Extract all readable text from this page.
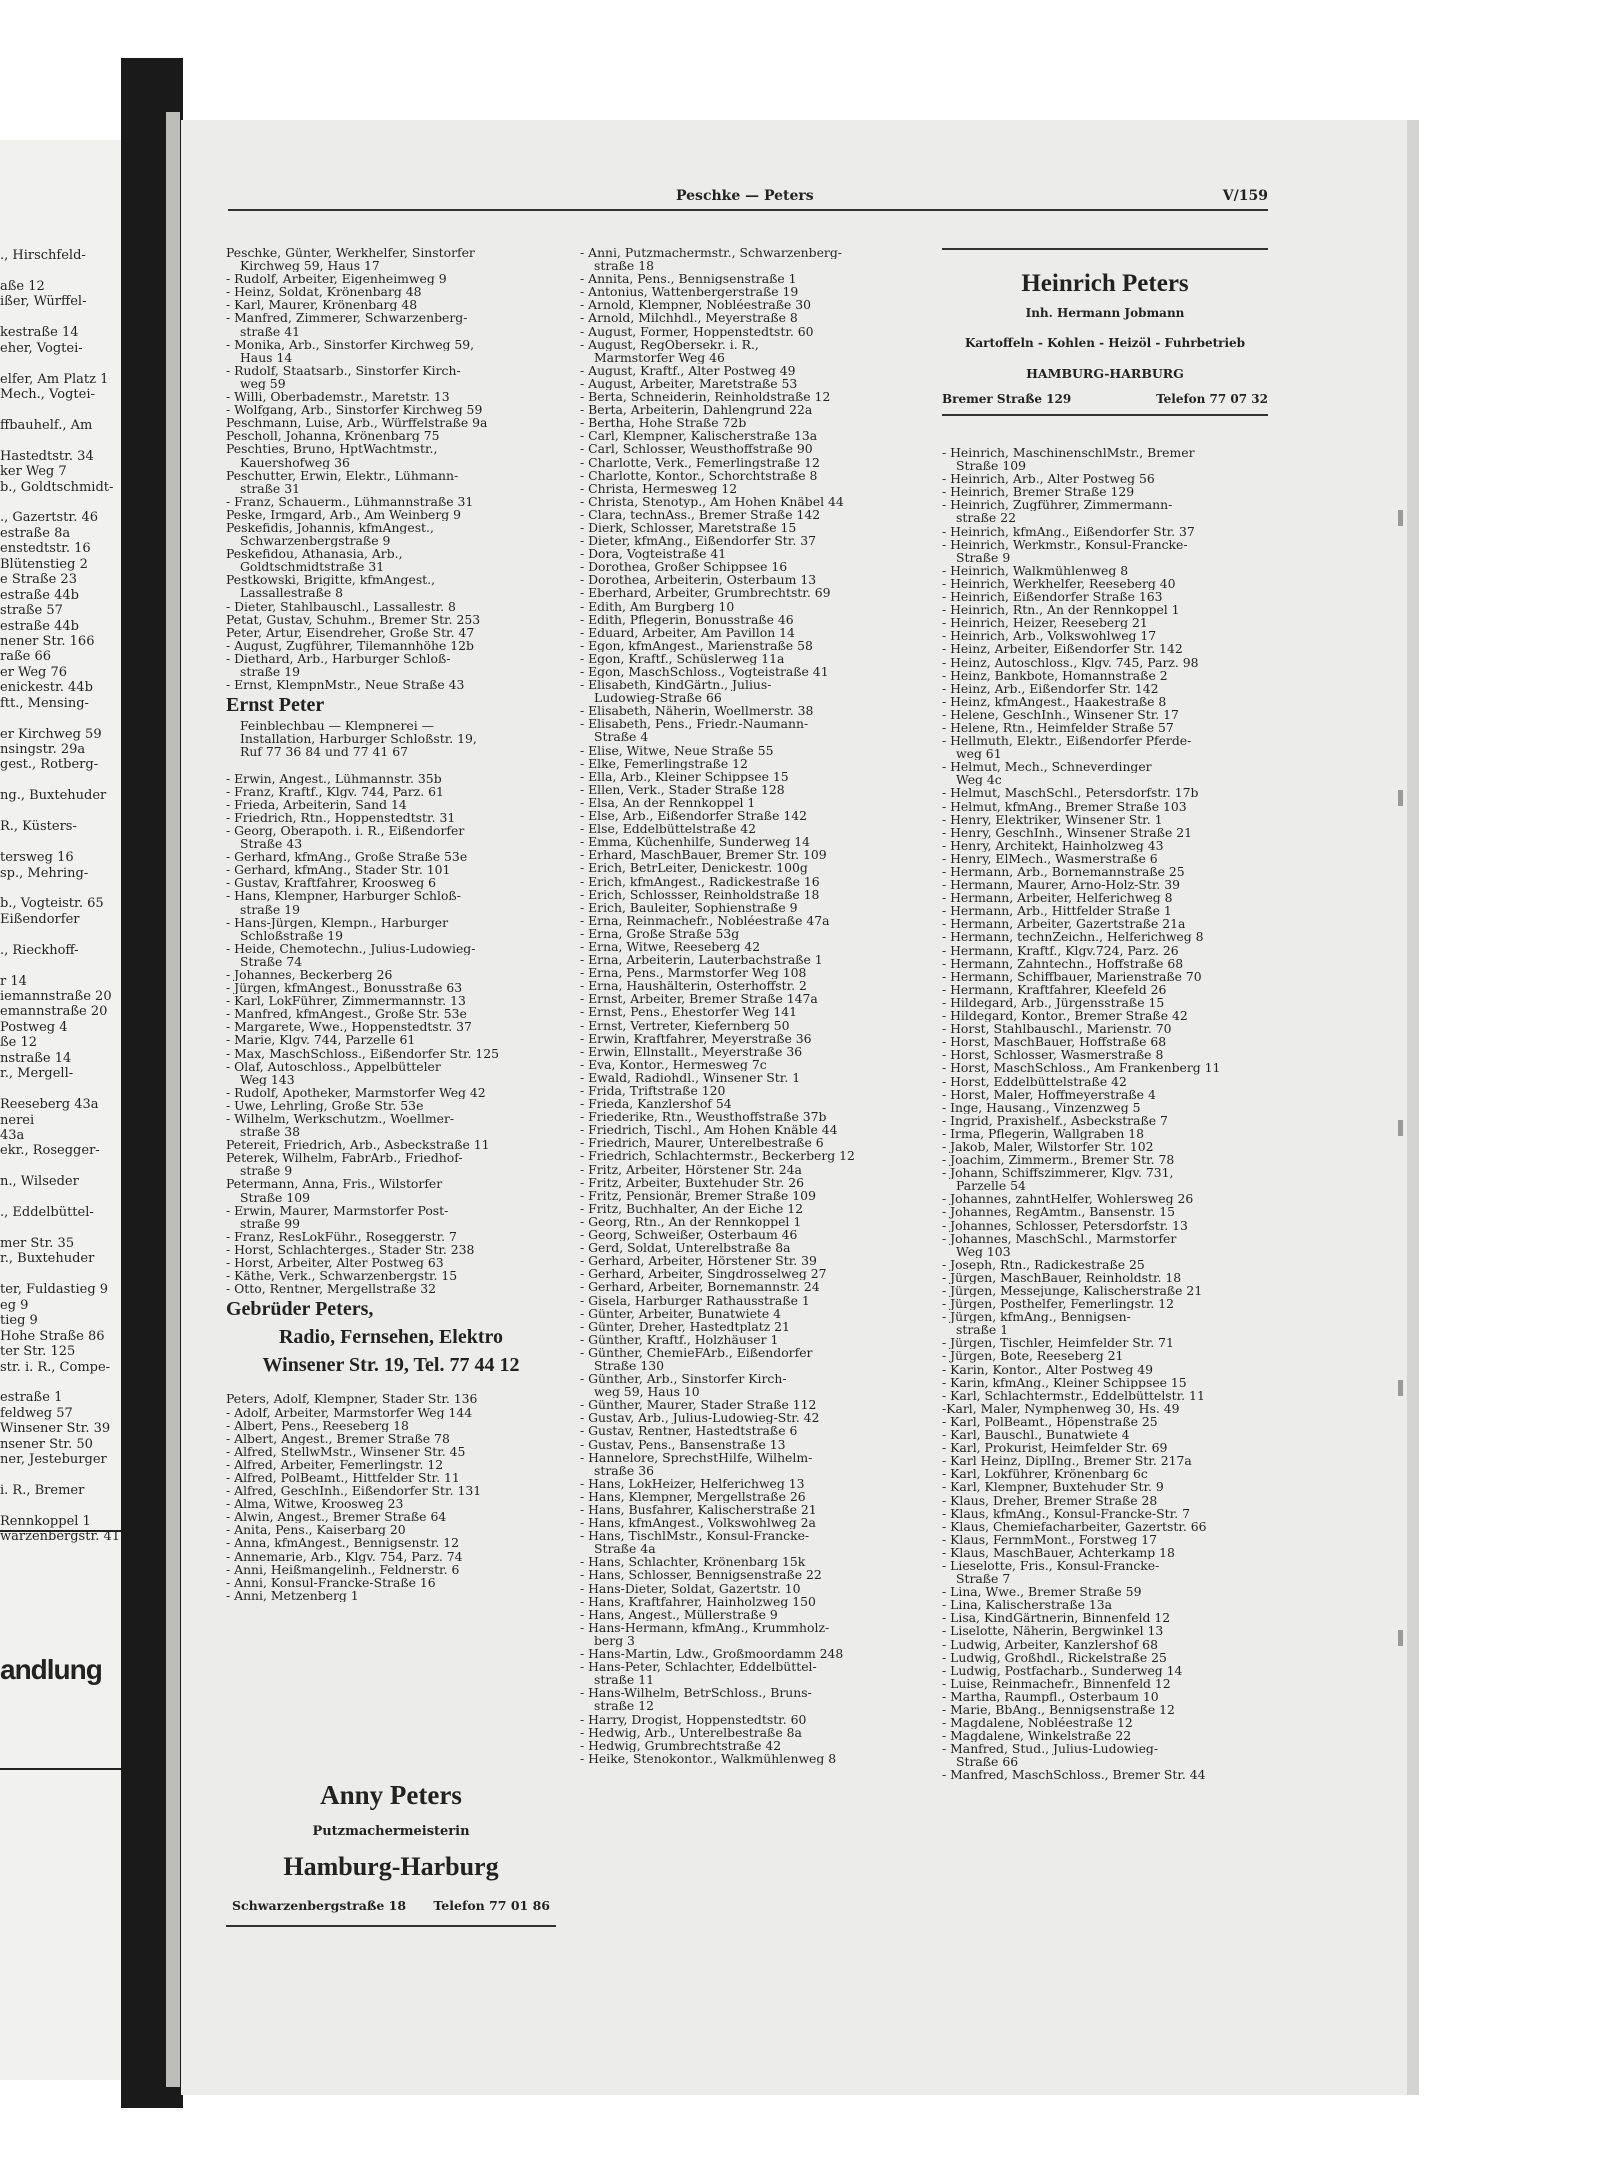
., Hirschfeld-
aße 12
ißer, Würffel-
kestraße 14
eher, Vogtei-
elfer, Am Platz 1
Mech., Vogtei-
ffbauhelf., Am
Hastedtstr. 34
ker Weg 7
b., Goldtschmidt-
., Gazertstr. 46
estraße 8a
enstedtstr. 16
Blütenstieg 2
e Straße 23
estraße 44b
straße 57
estraße 44b
nener Str. 166
raße 66
er Weg 76
enickestr. 44b
ftt., Mensing-
er Kirchweg 59
nsingstr. 29a
gest., Rotberg-
ng., Buxtehuder
R., Küsters-
tersweg 16
sp., Mehring-
b., Vogteistr. 65
Eißendorfer
., Rieckhoff-
r 14
iemannstraße 20
emannstraße 20
Postweg 4
ße 12
nstraße 14
r., Mergell-
Reeseberg 43a
nerei
43a
ekr., Rosegger-
n., Wilseder
., Eddelbüttel-
mer Str. 35
r., Buxtehuder
ter, Fuldastieg 9
eg 9
tieg 9
Hohe Straße 86
ter Str. 125
str. i. R., Compe-
estraße 1
feldweg 57
Winsener Str. 39
nsener Str. 50
ner, Jesteburger
i. R., Bremer
Rennkoppel 1
warzenbergstr. 41
andlung
Peschke — Peters	V/159
Peschke, Günter, Werkhelfer, Sinstorfer
Kirchweg 59, Haus 17
- Rudolf, Arbeiter, Eigenheimweg 9
- Heinz, Soldat, Krönenbarg 48
- Karl, Maurer, Krönenbarg 48
- Manfred, Zimmerer, Schwarzenberg-
straße 41
- Monika, Arb., Sinstorfer Kirchweg 59,
Haus 14
- Rudolf, Staatsarb., Sinstorfer Kirch-
weg 59
- Willi, Oberbademstr., Maretstr. 13
- Wolfgang, Arb., Sinstorfer Kirchweg 59
Peschmann, Luise, Arb., Würffelstraße 9a
Pescholl, Johanna, Krönenbarg 75
Peschties, Bruno, HptWachtmstr.,
Kauershofweg 36
Peschutter, Erwin, Elektr., Lühmann-
straße 31
- Franz, Schauerm., Lühmannstraße 31
Peske, Irmgard, Arb., Am Weinberg 9
Peskefidis, Johannis, kfmAngest.,
Schwarzenbergstraße 9
Peskefidou, Athanasia, Arb.,
Goldtschmidtstraße 31
Pestkowski, Brigitte, kfmAngest.,
Lassallestraße 8
- Dieter, Stahlbauschl., Lassallestr. 8
Petat, Gustav, Schuhm., Bremer Str. 253
Peter, Artur, Eisendreher, Große Str. 47
- August, Zugführer, Tilemannhöhe 12b
- Diethard, Arb., Harburger Schloß-
straße 19
- Ernst, KlempnMstr., Neue Straße 43
Ernst Peter
Feinblechbau — Klempnerei —
Installation, Harburger Schloßstr. 19,
Ruf 77 36 84 und 77 41 67
- Erwin, Angest., Lühmannstr. 35b
- Franz, Kraftf., Klgv. 744, Parz. 61
- Frieda, Arbeiterin, Sand 14
- Friedrich, Rtn., Hoppenstedtstr. 31
- Georg, Oberapoth. i. R., Eißendorfer
Straße 43
- Gerhard, kfmAng., Große Straße 53e
- Gerhard, kfmAng., Stader Str. 101
- Gustav, Kraftfahrer, Kroosweg 6
- Hans, Klempner, Harburger Schloß-
straße 19
- Hans-Jürgen, Klempn., Harburger
Schloßstraße 19
- Heide, Chemotechn., Julius-Ludowieg-
Straße 74
- Johannes, Beckerberg 26
- Jürgen, kfmAngest., Bonusstraße 63
- Karl, LokFührer, Zimmermannstr. 13
- Manfred, kfmAngest., Große Str. 53e
- Margarete, Wwe., Hoppenstedtstr. 37
- Marie, Klgv. 744, Parzelle 61
- Max, MaschSchloss., Eißendorfer Str. 125
- Olaf, Autoschloss., Appelbütteler
Weg 143
- Rudolf, Apotheker, Marmstorfer Weg 42
- Uwe, Lehrling, Große Str. 53e
- Wilhelm, Werkschutzm., Woellmer-
straße 38
Petereit, Friedrich, Arb., Asbeckstraße 11
Peterek, Wilhelm, FabrArb., Friedhof-
straße 9
Petermann, Anna, Fris., Wilstorfer
Straße 109
- Erwin, Maurer, Marmstorfer Post-
straße 99
- Franz, ResLokFühr., Roseggerstr. 7
- Horst, Schlachterges., Stader Str. 238
- Horst, Arbeiter, Alter Postweg 63
- Käthe, Verk., Schwarzenbergstr. 15
- Otto, Rentner, Mergellstraße 32
Gebrüder Peters,
Radio, Fernsehen, Elektro
Winsener Str. 19, Tel. 77 44 12
Peters, Adolf, Klempner, Stader Str. 136
- Adolf, Arbeiter, Marmstorfer Weg 144
- Albert, Pens., Reeseberg 18
- Albert, Angest., Bremer Straße 78
- Alfred, StellwMstr., Winsener Str. 45
- Alfred, Arbeiter, Femerlingstr. 12
- Alfred, PolBeamt., Hittfelder Str. 11
- Alfred, GeschInh., Eißendorfer Str. 131
- Alma, Witwe, Kroosweg 23
- Alwin, Angest., Bremer Straße 64
- Anita, Pens., Kaiserbarg 20
- Anna, kfmAngest., Bennigsenstr. 12
- Annemarie, Arb., Klgv. 754, Parz. 74
- Anni, Heißmangelinh., Feldnerstr. 6
- Anni, Konsul-Francke-Straße 16
- Anni, Metzenberg 1
Anny Peters
Putzmachermeisterin
Hamburg-Harburg
Schwarzenbergstraße 18 Telefon 77 01 86
- Anni, Putzmachermstr., Schwarzenberg-
straße 18
- Annita, Pens., Bennigsenstraße 1
- Antonius, Wattenbergerstraße 19
- Arnold, Klempner, Nobléestraße 30
- Arnold, Milchhdl., Meyerstraße 8
- August, Former, Hoppenstedtstr. 60
- August, RegObersekr. i. R.,
Marmstorfer Weg 46
- August, Kraftf., Alter Postweg 49
- August, Arbeiter, Maretstraße 53
- Berta, Schneiderin, Reinholdstraße 12
- Berta, Arbeiterin, Dahlengrund 22a
- Bertha, Hohe Straße 72b
- Carl, Klempner, Kalischerstraße 13a
- Carl, Schlosser, Weusthoffstraße 90
- Charlotte, Verk., Femerlingstraße 12
- Charlotte, Kontor., Schorchtstraße 8
- Christa, Hermesweg 12
- Christa, Stenotyp., Am Hohen Knäbel 44
- Clara, technAss., Bremer Straße 142
- Dierk, Schlosser, Maretstraße 15
- Dieter, kfmAng., Eißendorfer Str. 37
- Dora, Vogteistraße 41
- Dorothea, Großer Schippsee 16
- Dorothea, Arbeiterin, Osterbaum 13
- Eberhard, Arbeiter, Grumbrechtstr. 69
- Edith, Am Burgberg 10
- Edith, Pflegerin, Bonusstraße 46
- Eduard, Arbeiter, Am Pavillon 14
- Egon, kfmAngest., Marienstraße 58
- Egon, Kraftf., Schüslerweg 11a
- Egon, MaschSchloss., Vogteistraße 41
- Elisabeth, KindGärtn., Julius-
Ludowieg-Straße 66
- Elisabeth, Näherin, Woellmerstr. 38
- Elisabeth, Pens., Friedr.-Naumann-
Straße 4
- Elise, Witwe, Neue Straße 55
- Elke, Femerlingstraße 12
- Ella, Arb., Kleiner Schippsee 15
- Ellen, Verk., Stader Straße 128
- Elsa, An der Rennkoppel 1
- Else, Arb., Eißendorfer Straße 142
- Else, Eddelbüttelstraße 42
- Emma, Küchenhilfe, Sunderweg 14
- Erhard, MaschBauer, Bremer Str. 109
- Erich, BetrLeiter, Denickestr. 100g
- Erich, kfmAngest., Radickestraße 16
- Erich, Schlossser, Reinholdstraße 18
- Erich, Bauleiter, Sophienstraße 9
- Erna, Reinmachefr., Nobléestraße 47a
- Erna, Große Straße 53g
- Erna, Witwe, Reeseberg 42
- Erna, Arbeiterin, Lauterbachstraße 1
- Erna, Pens., Marmstorfer Weg 108
- Erna, Haushälterin, Osterhoffstr. 2
- Ernst, Arbeiter, Bremer Straße 147a
- Ernst, Pens., Ehestorfer Weg 141
- Ernst, Vertreter, Kiefernberg 50
- Erwin, Kraftfahrer, Meyerstraße 36
- Erwin, Ellnstallt., Meyerstraße 36
- Eva, Kontor., Hermesweg 7c
- Ewald, Radiohdl., Winsener Str. 1
- Frida, Triftstraße 120
- Frieda, Kanzlershof 54
- Friederike, Rtn., Weusthoffstraße 37b
- Friedrich, Tischl., Am Hohen Knäble 44
- Friedrich, Maurer, Unterelbestraße 6
- Friedrich, Schlachtermstr., Beckerberg 12
- Fritz, Arbeiter, Hörstener Str. 24a
- Fritz, Arbeiter, Buxtehuder Str. 26
- Fritz, Pensionär, Bremer Straße 109
- Fritz, Buchhalter, An der Eiche 12
- Georg, Rtn., An der Rennkoppel 1
- Georg, Schweißer, Osterbaum 46
- Gerd, Soldat, Unterelbstraße 8a
- Gerhard, Arbeiter, Hörstener Str. 39
- Gerhard, Arbeiter, Singdrosselweg 27
- Gerhard, Arbeiter, Bornemannstr. 24
- Gisela, Harburger Rathausstraße 1
- Günter, Arbeiter, Bunatwiete 4
- Günter, Dreher, Hastedtplatz 21
- Günther, Kraftf., Holzhäuser 1
- Günther, ChemieFArb., Eißendorfer
Straße 130
- Günther, Arb., Sinstorfer Kirch-
weg 59, Haus 10
- Günther, Maurer, Stader Straße 112
- Gustav, Arb., Julius-Ludowieg-Str. 42
- Gustav, Rentner, Hastedtstraße 6
- Gustav, Pens., Bansenstraße 13
- Hannelore, SprechstHilfe, Wilhelm-
straße 36
- Hans, LokHeizer, Helferichweg 13
- Hans, Klempner, Mergellstraße 26
- Hans, Busfahrer, Kalischerstraße 21
- Hans, kfmAngest., Volkswohlweg 2a
- Hans, TischlMstr., Konsul-Francke-
Straße 4a
- Hans, Schlachter, Krönenbarg 15k
- Hans, Schlosser, Bennigsenstraße 22
- Hans-Dieter, Soldat, Gazertstr. 10
- Hans, Kraftfahrer, Hainholzweg 150
- Hans, Angest., Müllerstraße 9
- Hans-Hermann, kfmAng., Krummholz-
berg 3
- Hans-Martin, Ldw., Großmoordamm 248
- Hans-Peter, Schlachter, Eddelbüttel-
straße 11
- Hans-Wilhelm, BetrSchloss., Bruns-
straße 12
- Harry, Drogist, Hoppenstedtstr. 60
- Hedwig, Arb., Unterelbestraße 8a
- Hedwig, Grumbrechtstraße 42
- Heike, Stenokontor., Walkmühlenweg 8
Heinrich Peters
Inh. Hermann Jobmann
Kartoffeln - Kohlen - Heizöl - Fuhrbetrieb
HAMBURG-HARBURG
Bremer Straße 129	Telefon 77 07 32
- Heinrich, MaschinenschlMstr., Bremer
Straße 109
- Heinrich, Arb., Alter Postweg 56
- Heinrich, Bremer Straße 129
- Heinrich, Zugführer, Zimmermann-
straße 22
- Heinrich, kfmAng., Eißendorfer Str. 37
- Heinrich, Werkmstr., Konsul-Francke-
Straße 9
- Heinrich, Walkmühlenweg 8
- Heinrich, Werkhelfer, Reeseberg 40
- Heinrich, Eißendorfer Straße 163
- Heinrich, Rtn., An der Rennkoppel 1
- Heinrich, Heizer, Reeseberg 21
- Heinrich, Arb., Volkswohlweg 17
- Heinz, Arbeiter, Eißendorfer Str. 142
- Heinz, Autoschloss., Klgv. 745, Parz. 98
- Heinz, Bankbote, Homannstraße 2
- Heinz, Arb., Eißendorfer Str. 142
- Heinz, kfmAngest., Haakestraße 8
- Helene, GeschInh., Winsener Str. 17
- Helene, Rtn., Heimfelder Straße 57
- Hellmuth, Elektr., Eißendorfer Pferde-
weg 61
- Helmut, Mech., Schneverdinger
Weg 4c
- Helmut, MaschSchl., Petersdorfstr. 17b
- Helmut, kfmAng., Bremer Straße 103
- Henry, Elektriker, Winsener Str. 1
- Henry, GeschInh., Winsener Straße 21
- Henry, Architekt, Hainholzweg 43
- Henry, ElMech., Wasmerstraße 6
- Hermann, Arb., Bornemannstraße 25
- Hermann, Maurer, Arno-Holz-Str. 39
- Hermann, Arbeiter, Helferichweg 8
- Hermann, Arb., Hittfelder Straße 1
- Hermann, Arbeiter, Gazertstraße 21a
- Hermann, technZeichn., Helferichweg 8
- Hermann, Kraftf., Klgv.724, Parz. 26
- Hermann, Zahntechn., Hoffstraße 68
- Hermann, Schiffbauer, Marienstraße 70
- Hermann, Kraftfahrer, Kleefeld 26
- Hildegard, Arb., Jürgensstraße 15
- Hildegard, Kontor., Bremer Straße 42
- Horst, Stahlbauschl., Marienstr. 70
- Horst, MaschBauer, Hoffstraße 68
- Horst, Schlosser, Wasmerstraße 8
- Horst, MaschSchloss., Am Frankenberg 11
- Horst, Eddelbüttelstraße 42
- Horst, Maler, Hoffmeyerstraße 4
- Inge, Hausang., Vinzenzweg 5
- Ingrid, Praxishelf., Asbeckstraße 7
- Irma, Pflegerin, Wallgraben 18
- Jakob, Maler, Wilstorfer Str. 102
- Joachim, Zimmerm., Bremer Str. 78
- Johann, Schiffszimmerer, Klgv. 731,
Parzelle 54
- Johannes, zahntHelfer, Wohlersweg 26
- Johannes, RegAmtm., Bansenstr. 15
- Johannes, Schlosser, Petersdorfstr. 13
- Johannes, MaschSchl., Marmstorfer
Weg 103
- Joseph, Rtn., Radickestraße 25
- Jürgen, MaschBauer, Reinholdstr. 18
- Jürgen, Messejunge, Kalischerstraße 21
- Jürgen, Posthelfer, Femerlingstr. 12
- Jürgen, kfmAng., Bennigsen-
straße 1
- Jürgen, Tischler, Heimfelder Str. 71
- Jürgen, Bote, Reeseberg 21
- Karin, Kontor., Alter Postweg 49
- Karin, kfmAng., Kleiner Schippsee 15
- Karl, Schlachtermstr., Eddelbüttelstr. 11
-Karl, Maler, Nymphenweg 30, Hs. 49
- Karl, PolBeamt., Höpenstraße 25
- Karl, Bauschl., Bunatwiete 4
- Karl, Prokurist, Heimfelder Str. 69
- Karl Heinz, DiplIng., Bremer Str. 217a
- Karl, Lokführer, Krönenbarg 6c
- Karl, Klempner, Buxtehuder Str. 9
- Klaus, Dreher, Bremer Straße 28
- Klaus, kfmAng., Konsul-Francke-Str. 7
- Klaus, Chemiefacharbeiter, Gazertstr. 66
- Klaus, FernmMont., Forstweg 17
- Klaus, MaschBauer, Achterkamp 18
- Lieselotte, Fris., Konsul-Francke-
Straße 7
- Lina, Wwe., Bremer Straße 59
- Lina, Kalischerstraße 13a
- Lisa, KindGärtnerin, Binnenfeld 12
- Liselotte, Näherin, Bergwinkel 13
- Ludwig, Arbeiter, Kanzlershof 68
- Ludwig, Großhdl., Rickelstraße 25
- Ludwig, Postfacharb., Sunderweg 14
- Luise, Reinmachefr., Binnenfeld 12
- Martha, Raumpfl., Osterbaum 10
- Marie, BbAng., Bennigsenstraße 12
- Magdalene, Nobléestraße 12
- Magdalene, Winkelstraße 22
- Manfred, Stud., Julius-Ludowieg-
Straße 66
- Manfred, MaschSchloss., Bremer Str. 44
